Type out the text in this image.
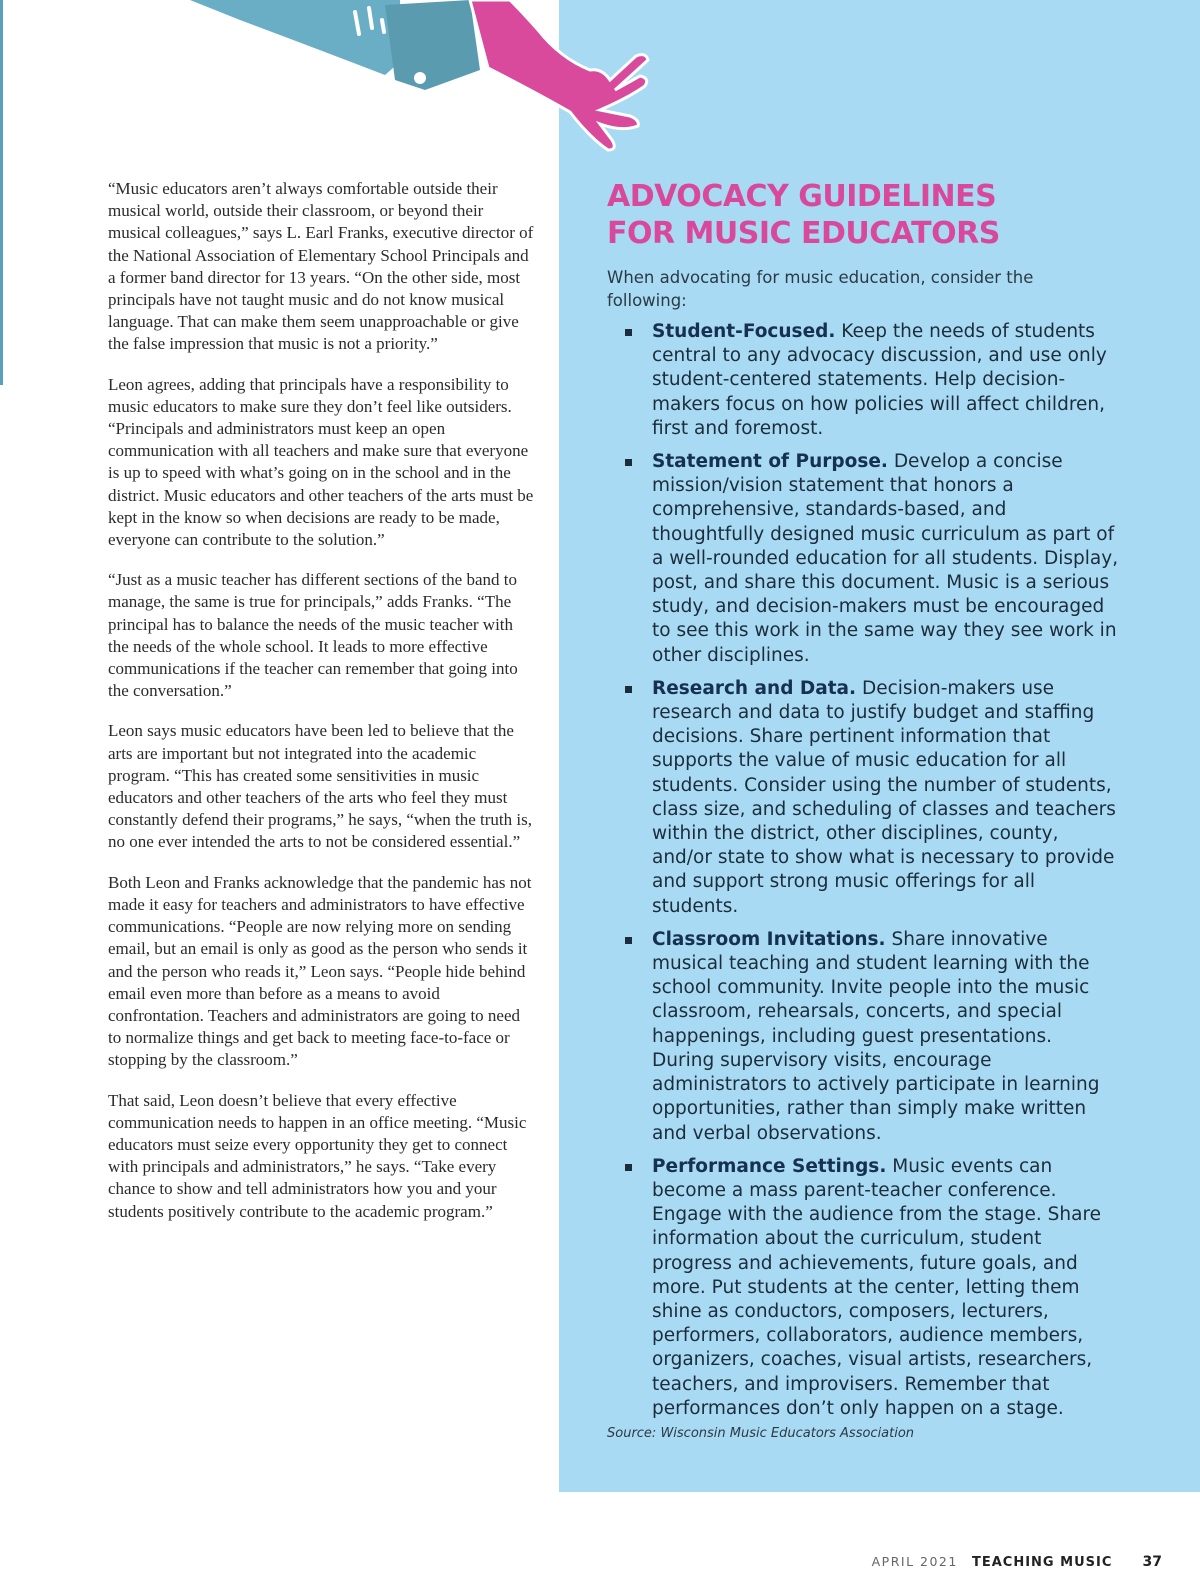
ADVOCACY GUIDELINES
FOR MUSIC EDUCATORS

When advocating for music education, consider the following:

Student-Focused. Keep the needs of students central to any advocacy discussion, and use only student-centered statements. Help decision-makers focus on how policies will affect children, first and foremost.
Statement of Purpose. Develop a concise mission/vision statement that honors a comprehensive, standards-based, and thoughtfully designed music curriculum as part of a well-rounded education for all students. Display, post, and share this document. Music is a serious study, and decision-makers must be encouraged to see this work in the same way they see work in other disciplines.
Research and Data. Decision-makers use research and data to justify budget and staffing decisions. Share pertinent information that supports the value of music education for all students. Consider using the number of students, class size, and scheduling of classes and teachers within the district, other disciplines, county, and/or state to show what is necessary to provide and support strong music offerings for all students.
Classroom Invitations. Share innovative musical teaching and student learning with the school community. Invite people into the music classroom, rehearsals, concerts, and special happenings, including guest presentations. During supervisory visits, encourage administrators to actively participate in learning opportunities, rather than simply make written and verbal observations.
Performance Settings. Music events can become a mass parent-teacher conference. Engage with the audience from the stage. Share information about the curriculum, student progress and achievements, future goals, and more. Put students at the center, letting them shine as conductors, composers, lecturers, performers, collaborators, audience members, organizers, coaches, visual artists, researchers, teachers, and improvisers. Remember that performances don’t only happen on a stage.

Source: Wisconsin Music Educators Association

“Music educators aren’t always comfortable outside their musical world, outside their classroom, or beyond their musical colleagues,” says L. Earl Franks, executive director of the National Association of Elementary School Principals and a former band director for 13 years. “On the other side, most principals have not taught music and do not know musical language. That can make them seem unapproachable or give the false impression that music is not a priority.”

Leon agrees, adding that principals have a responsibility to music educators to make sure they don’t feel like outsiders. “Principals and administrators must keep an open communication with all teachers and make sure that everyone is up to speed with what’s going on in the school and in the district. Music educators and other teachers of the arts must be kept in the know so when decisions are ready to be made, everyone can contribute to the solution.”

“Just as a music teacher has different sections of the band to manage, the same is true for principals,” adds Franks. “The principal has to balance the needs of the music teacher with the needs of the whole school. It leads to more effective communications if the teacher can remember that going into the conversation.”

Leon says music educators have been led to believe that the arts are important but not integrated into the academic program. “This has created some sensitivities in music educators and other teachers of the arts who feel they must constantly defend their programs,” he says, “when the truth is, no one ever intended the arts to not be considered essential.”

Both Leon and Franks acknowledge that the pandemic has not made it easy for teachers and administrators to have effective communications. “People are now relying more on sending email, but an email is only as good as the person who sends it and the person who reads it,” Leon says. “People hide behind email even more than before as a means to avoid confrontation. Teachers and administrators are going to need to normalize things and get back to meeting face-to-face or stopping by the classroom.”

That said, Leon doesn’t believe that every effective communication needs to happen in an office meeting. “Music educators must seize every opportunity they get to connect with principals and administrators,” he says. “Take every chance to show and tell administrators how you and your students positively contribute to the academic program.”

APRIL 2021 TEACHING MUSIC 37
